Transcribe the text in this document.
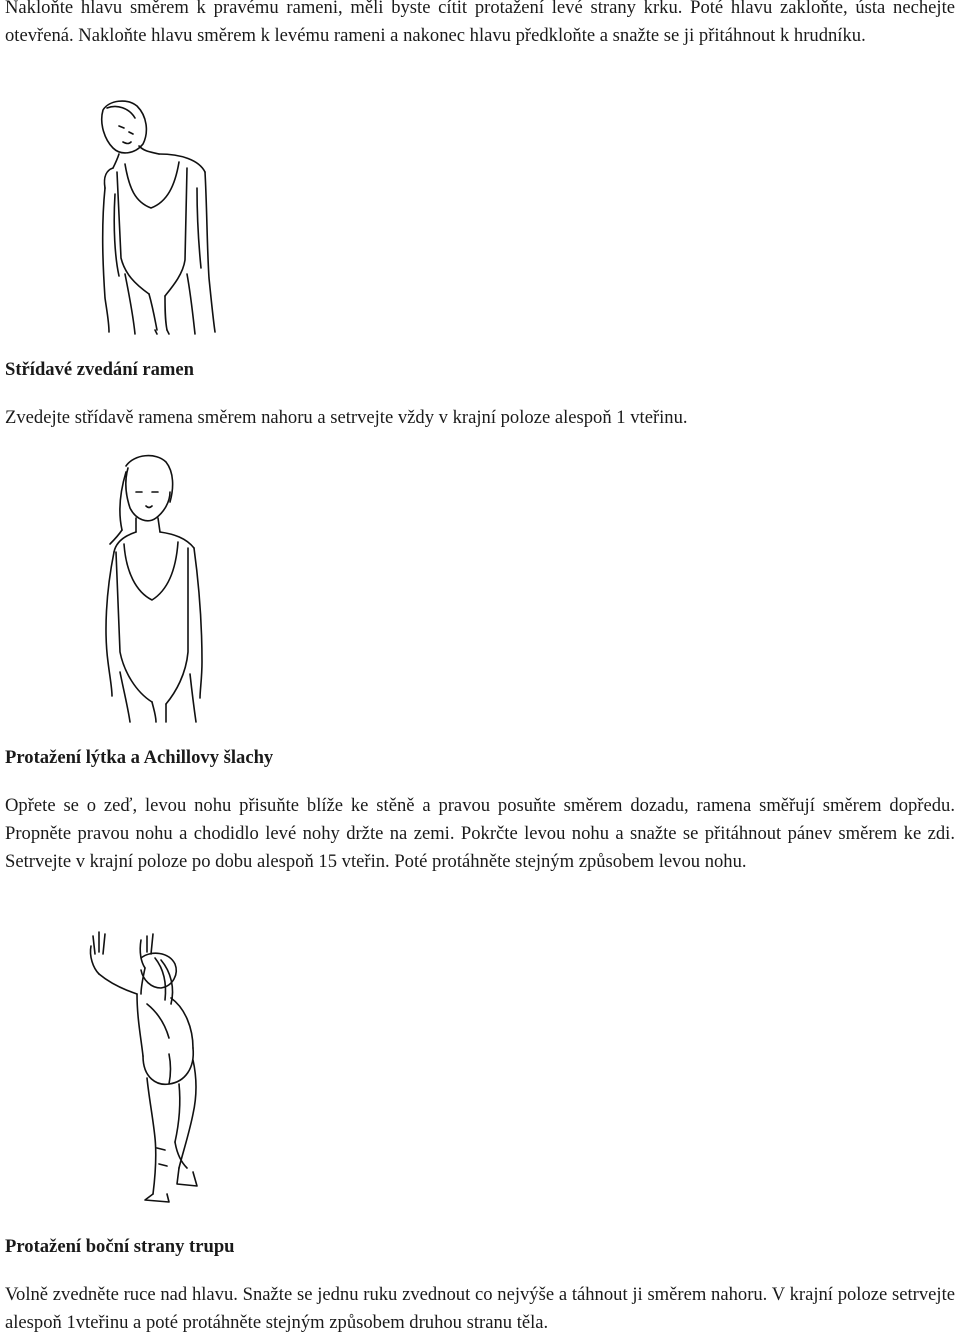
Nakloňte hlavu směrem k pravému rameni, měli byste cítit protažení levé strany krku. Poté hlavu zakloňte, ústa nechejte otevřená. Nakloňte hlavu směrem k levému rameni a nakonec hlavu předkloňte a snažte se ji přitáhnout k hrudníku.

Střídavé zvedání ramen

Zvedejte střídavě ramena směrem nahoru a setrvejte vždy v krajní poloze alespoň 1 vteřinu.

Protažení lýtka a Achillovy šlachy

Opřete se o zeď, levou nohu přisuňte blíže ke stěně a pravou posuňte směrem dozadu, ramena směřují směrem dopředu. Propněte pravou nohu a chodidlo levé nohy držte na zemi. Pokrčte levou nohu a snažte se přitáhnout pánev směrem ke zdi. Setrvejte v krajní poloze po dobu alespoň 15 vteřin. Poté protáhněte stejným způsobem levou nohu.

Protažení boční strany trupu

Volně zvedněte ruce nad hlavu. Snažte se jednu ruku zvednout co nejvýše a táhnout ji směrem nahoru. V krajní poloze setrvejte alespoň 1vteřinu a poté protáhněte stejným způsobem druhou stranu těla.
